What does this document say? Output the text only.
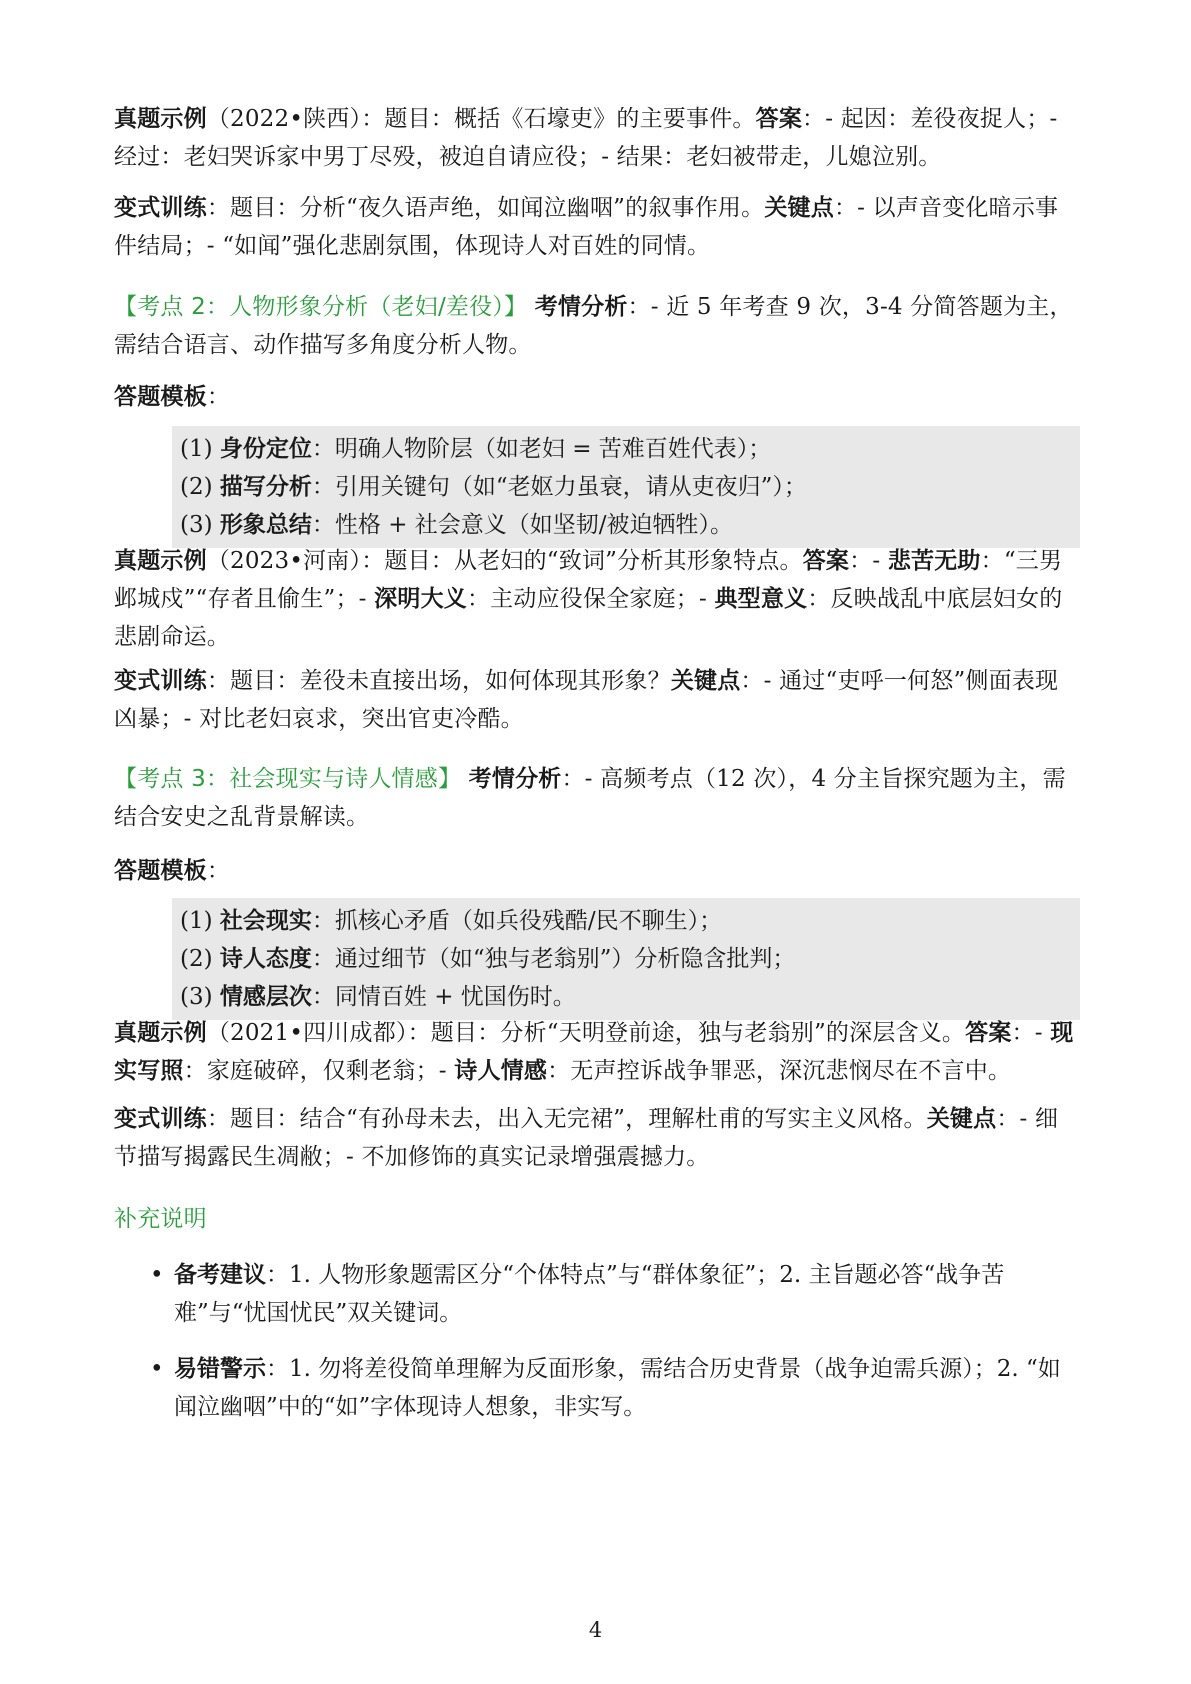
真题示例（2022•陕西）：题目：概括《石壕吏》的主要事件。答案：- 起因：差役夜捉人；- 经过：老妇哭诉家中男丁尽殁，被迫自请应役；- 结果：老妇被带走，儿媳泣别。
变式训练：题目：分析“夜久语声绝，如闻泣幽咽”的叙事作用。关键点：- 以声音变化暗示事件结局；- “如闻”强化悲剧氛围，体现诗人对百姓的同情。
【考点 2：人物形象分析（老妇/差役）】 考情分析：- 近 5 年考查 9 次，3-4 分简答题为主，需结合语言、动作描写多角度分析人物。
答题模板：
(1) 身份定位：明确人物阶层（如老妇 = 苦难百姓代表）；
(2) 描写分析：引用关键句（如“老妪力虽衰，请从吏夜归”）；
(3) 形象总结：性格 + 社会意义（如坚韧/被迫牺牲）。
真题示例（2023•河南）：题目：从老妇的“致词”分析其形象特点。答案：- 悲苦无助：“三男邺城戍”“存者且偷生”；- 深明大义：主动应役保全家庭；- 典型意义：反映战乱中底层妇女的悲剧命运。
变式训练：题目：差役未直接出场，如何体现其形象？关键点：- 通过“吏呼一何怒”侧面表现凶暴；- 对比老妇哀求，突出官吏冷酷。
【考点 3：社会现实与诗人情感】 考情分析：- 高频考点（12 次），4 分主旨探究题为主，需结合安史之乱背景解读。
答题模板：
(1) 社会现实：抓核心矛盾（如兵役残酷/民不聊生）；
(2) 诗人态度：通过细节（如“独与老翁别”）分析隐含批判；
(3) 情感层次：同情百姓 + 忧国伤时。
真题示例（2021•四川成都）：题目：分析“天明登前途，独与老翁别”的深层含义。答案：- 现实写照：家庭破碎，仅剩老翁；- 诗人情感：无声控诉战争罪恶，深沉悲悯尽在不言中。
变式训练：题目：结合“有孙母未去，出入无完裙”，理解杜甫的写实主义风格。关键点：- 细节描写揭露民生凋敝；- 不加修饰的真实记录增强震撼力。
补充说明
• 备考建议：1. 人物形象题需区分“个体特点”与“群体象征”；2. 主旨题必答“战争苦难”与“忧国忧民”双关键词。
• 易错警示：1. 勿将差役简单理解为反面形象，需结合历史背景（战争迫需兵源）；2. “如闻泣幽咽”中的“如”字体现诗人想象，非实写。
4
